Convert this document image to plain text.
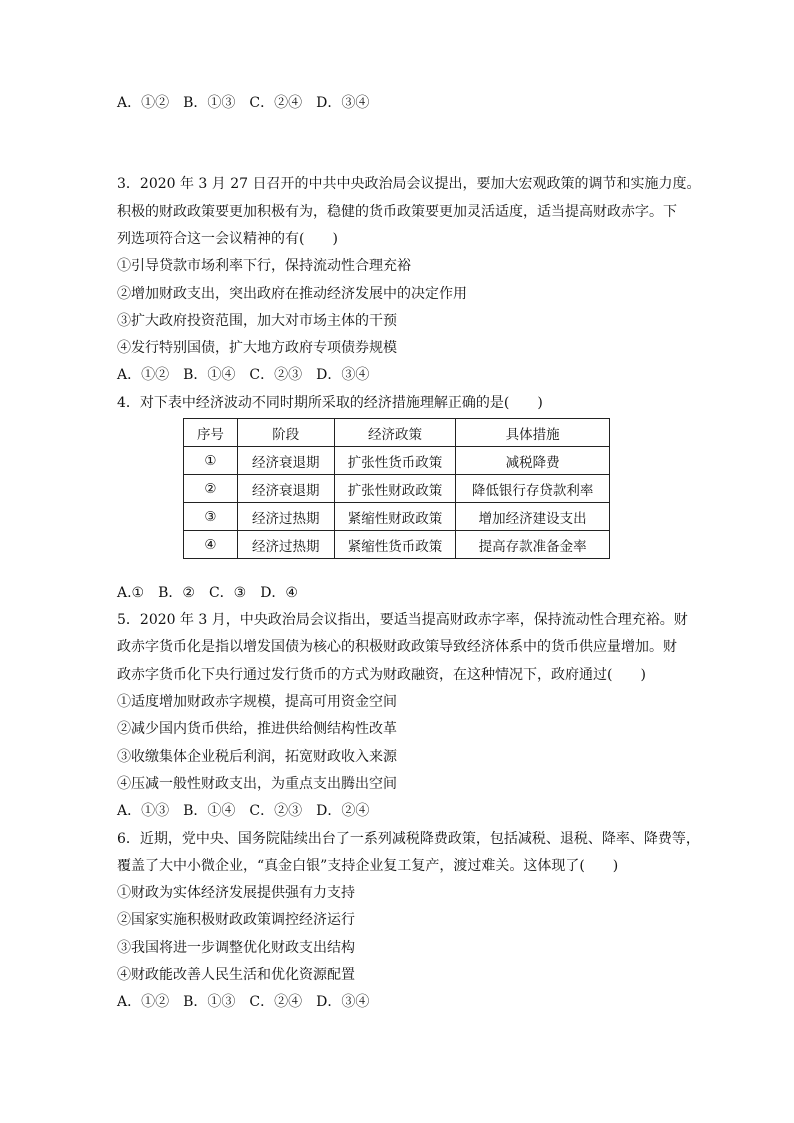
A．①②　B．①③　C．②④　D．③④
3．2020 年 3 月 27 日召开的中共中央政治局会议提出，要加大宏观政策的调节和实施力度。
积极的财政政策要更加积极有为，稳健的货币政策要更加灵活适度，适当提高财政赤字。下
列选项符合这一会议精神的有(　　)
①引导贷款市场利率下行，保持流动性合理充裕
②增加财政支出，突出政府在推动经济发展中的决定作用
③扩大政府投资范围，加大对市场主体的干预
④发行特别国债，扩大地方政府专项债券规模
A．①②　B．①④　C．②③　D．③④
4．对下表中经济波动不同时期所采取的经济措施理解正确的是(　　)
序号	阶段	经济政策	具体措施
①	经济衰退期	扩张性货币政策	减税降费
②	经济衰退期	扩张性财政政策	降低银行存贷款利率
③	经济过热期	紧缩性财政政策	增加经济建设支出
④	经济过热期	紧缩性货币政策	提高存款准备金率
A.①　B．②　C．③　D．④
5．2020 年 3 月，中央政治局会议指出，要适当提高财政赤字率，保持流动性合理充裕。财
政赤字货币化是指以增发国债为核心的积极财政政策导致经济体系中的货币供应量增加。财
政赤字货币化下央行通过发行货币的方式为财政融资，在这种情况下，政府通过(　　)
①适度增加财政赤字规模，提高可用资金空间
②减少国内货币供给，推进供给侧结构性改革
③收缴集体企业税后利润，拓宽财政收入来源
④压减一般性财政支出，为重点支出腾出空间
A．①③　B．①④　C．②③　D．②④
6．近期，党中央、国务院陆续出台了一系列减税降费政策，包括减税、退税、降率、降费等，
覆盖了大中小微企业，“真金白银”支持企业复工复产，渡过难关。这体现了(　　)
①财政为实体经济发展提供强有力支持
②国家实施积极财政政策调控经济运行
③我国将进一步调整优化财政支出结构
④财政能改善人民生活和优化资源配置
A．①②　B．①③　C．②④　D．③④
